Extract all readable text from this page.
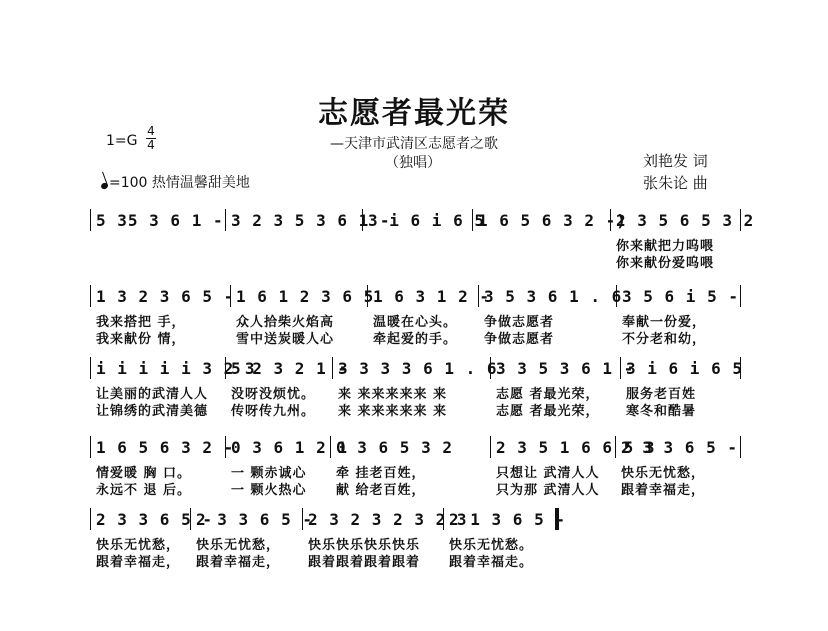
志愿者最光荣
—天津市武清区志愿者之歌
（独唱）
1=G
4
4
=100 热情温馨甜美地
刘艳发 词
张朱论 曲
5 35 3 6 1 - 3 2 3 5 3 6 1 -
3 i 6 i 6 5
1 6 5 6 3 2 -)
2 3 5 6 5 3 2
你来献把力呜喂
你来献份爱呜喂
1 3 2 3 6 5 -
我来搭把 手，
我来献份 情，
1 6 1 2 3 6 5
众人拾柴火焰高
雪中送炭暖人心
1 6 3 1 2 -
温暖在心头。
牵起爱的手。
3 5 3 6 1 . 6
争做志愿者
争做志愿者
3 5 6 i 5 -
奉献一份爱，
不分老和幼，
i i i i i 3 2 3
让美丽的武清人人
让锦绣的武清美德
5 2 3 2 1 -
没呀没烦忧。
传呀传九州。
3 3 3 3 6 1 . 6
来 来来来来来 来
来 来来来来来 来
3 3 5 3 6 1 -
志愿 者最光荣，
志愿 者最光荣，
3 i 6 i 6 5
服务老百姓
寒冬和酷暑
1 6 5 6 3 2 -
情爱暖 胸 口。
永远不 退 后。
0 3 6 1 2 1
一 颗赤诚心
一 颗火热心
0 3 6 5 3 2
牵 挂老百姓，
献 给老百姓，
2 3 5 1 6 6 5 3
只想让 武清人人
只为那 武清人人
2 3 3 6 5 -
快乐无忧愁，
跟着幸福走，
2 3 3 6 5 -
快乐无忧愁，
跟着幸福走，
2 3 3 6 5 -
快乐无忧愁，
跟着幸福走，
2 3 2 3 2 3 2 3
快乐快乐快乐快乐
跟着跟着跟着跟着
2 1 3 6 5 -
快乐无忧愁。
跟着幸福走。
